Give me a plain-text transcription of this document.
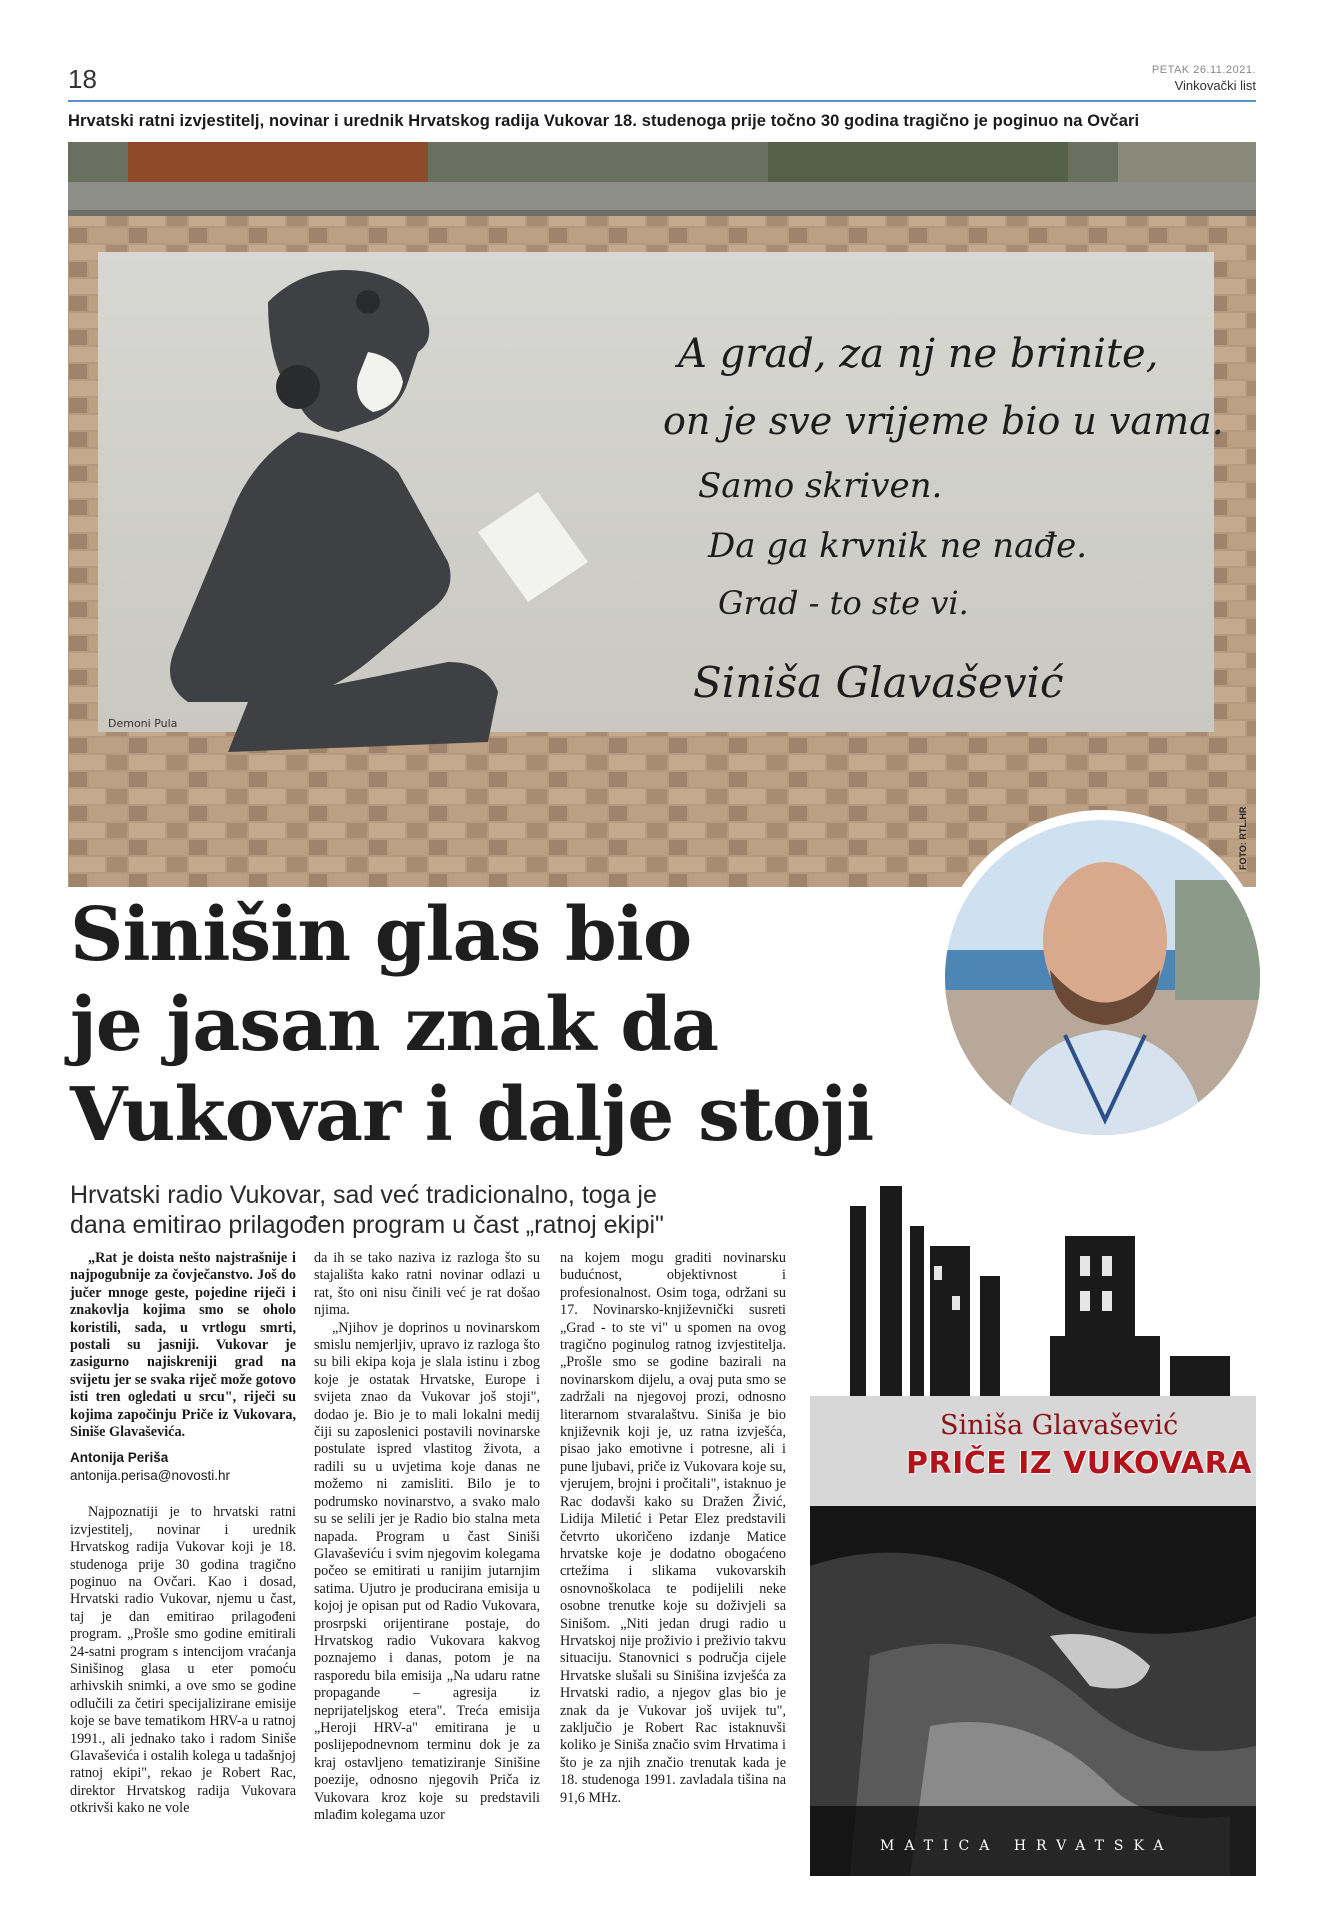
18	PETAK 26.11.2021.
Vinkovački list
Hrvatski ratni izvjestitelj, novinar i urednik Hrvatskog radija Vukovar 18. studenoga prije točno 30 godina tragično je poginuo na Ovčari
A grad, za nj ne brinite,
on je sve vrijeme bio u vama.
Samo skriven.
Da ga krvnik ne nađe.
Grad - to ste vi.
Siniša Glavašević
Demoni Pula
FOTO: RTL.HR
Sinišin glas bio
je jasan znak da
Vukovar i dalje stoji
Hrvatski radio Vukovar, sad već tradicionalno, toga je
dana emitirao prilagođen program u čast „ratnoj ekipi"

„Rat je doista nešto najstrašnije i najpogubnije za čovječanstvo. Još do jučer mnoge geste, pojedine riječi i znakovlja kojima smo se oholo koristili, sada, u vrtlogu smrti, postali su jasniji. Vukovar je zasigurno najiskreniji grad na svijetu jer se svaka riječ može gotovo isti tren ogledati u srcu", riječi su kojima započinju Priče iz Vukovara, Siniše Glavaševića.

Antonija Periša

antonija.perisa@novosti.hr

Najpoznatiji je to hrvatski ratni izvjestitelj, novinar i urednik Hrvatskog radija Vukovar koji je 18. studenoga prije 30 godina tragično poginuo na Ovčari. Kao i dosad, Hrvatski radio Vukovar, njemu u čast, taj je dan emitirao prilagođeni program. „Prošle smo godine emitirali 24-satni program s intencijom vraćanja Sinišinog glasa u eter pomoću arhivskih snimki, a ove smo se godine odlučili za četiri specijalizirane emisije koje se bave tematikom HRV-a u ratnoj 1991., ali jednako tako i radom Siniše Glavaševića i ostalih kolega u tadašnjoj ratnoj ekipi", rekao je Robert Rac, direktor Hrvatskog radija Vukovara otkrivši kako ne vole

da ih se tako naziva iz razloga što su stajališta kako ratni novinar odlazi u rat, što oni nisu činili već je rat došao njima.

„Njihov je doprinos u novinarskom smislu nemjerljiv, upravo iz razloga što su bili ekipa koja je slala istinu i zbog koje je ostatak Hrvatske, Europe i svijeta znao da Vukovar još stoji", dodao je. Bio je to mali lokalni medij čiji su zaposlenici postavili novinarske postulate ispred vlastitog života, a radili su u uvjetima koje danas ne možemo ni zamisliti. Bilo je to podrumsko novinarstvo, a svako malo su se selili jer je Radio bio stalna meta napada. Program u čast Siniši Glavaševiću i svim njegovim kolegama počeo se emitirati u ranijim jutarnjim satima. Ujutro je producirana emisija u kojoj je opisan put od Radio Vukovara, prosrpski orijentirane postaje, do Hrvatskog radio Vukovara kakvog poznajemo i danas, potom je na rasporedu bila emisija „Na udaru ratne propagande – agresija iz neprijateljskog etera". Treća emisija „Heroji HRV-a" emitirana je u poslijepodnevnom terminu dok je za kraj ostavljeno tematiziranje Sinišine poezije, odnosno njegovih Priča iz Vukovara kroz koje su predstavili mlađim kolegama uzor

na kojem mogu graditi novinarsku budućnost, objektivnost i profesionalnost. Osim toga, održani su 17. Novinarsko-književnički susreti „Grad - to ste vi" u spomen na ovog tragično poginulog ratnog izvjestitelja. „Prošle smo se godine bazirali na novinarskom dijelu, a ovaj puta smo se zadržali na njegovoj prozi, odnosno literarnom stvaralaštvu. Siniša je bio književnik koji je, uz ratna izvješća, pisao jako emotivne i potresne, ali i pune ljubavi, priče iz Vukovara koje su, vjerujem, brojni i pročitali", istaknuo je Rac dodavši kako su Dražen Živić, Lidija Miletić i Petar Elez predstavili četvrto ukoričeno izdanje Matice hrvatske koje je dodatno obogaćeno crtežima i slikama vukovarskih osnovnoškolaca te podijelili neke osobne trenutke koje su doživjeli sa Sinišom. „Niti jedan drugi radio u Hrvatskoj nije proživio i preživio takvu situaciju. Stanovnici s područja cijele Hrvatske slušali su Sinišina izvješća za Hrvatski radio, a njegov glas bio je znak da je Vukovar još uvijek tu", zaključio je Robert Rac istaknuvši koliko je Siniša značio svim Hrvatima i što je za njih značio trenutak kada je 18. studenoga 1991. zavladala tišina na 91,6 MHz.

Siniša Glavašević
PRIČE IZ VUKOVARA
MATICA HRVATSKA
